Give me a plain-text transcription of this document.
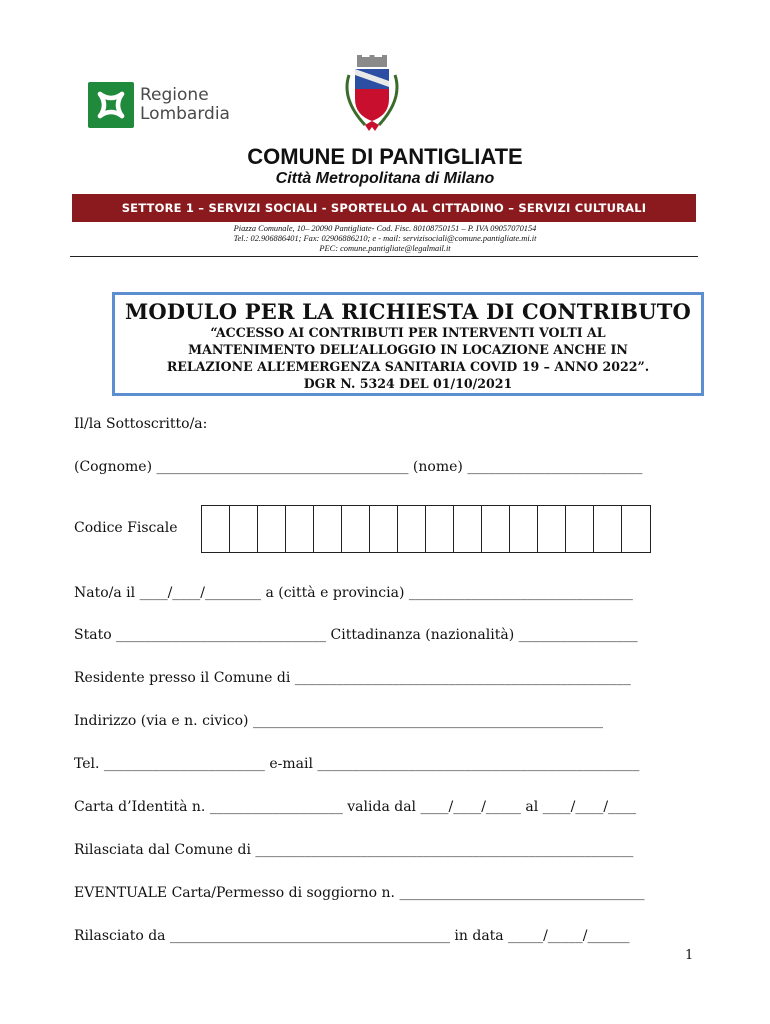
Regione
Lombardia
COMUNE DI PANTIGLIATE
Città Metropolitana di Milano
SETTORE 1 – SERVIZI SOCIALI - SPORTELLO AL CITTADINO – SERVIZI CULTURALI
Piazza Comunale, 10– 20090 Pantigliate- Cod. Fisc. 80108750151 – P. IVA 09057070154
Tel.: 02.906886401; Fax: 02906886210; e - mail: servizisociali@comune.pantigliate.mi.it
PEC: comune.pantigliate@legalmail.it
MODULO PER LA RICHIESTA DI CONTRIBUTO
“ACCESSO AI CONTRIBUTI PER INTERVENTI VOLTI AL
MANTENIMENTO DELL’ALLOGGIO IN LOCAZIONE ANCHE IN
RELAZIONE ALL’EMERGENZA SANITARIA COVID 19 – ANNO 2022”.
DGR N. 5324 DEL 01/10/2021
Il/la Sottoscritto/a:
(Cognome) ____________________________________ (nome) _________________________
Codice Fiscale
Nato/a il ____/____/________ a (città e provincia) ________________________________
Stato ______________________________ Cittadinanza (nazionalità) _________________
Residente presso il Comune di ________________________________________________
Indirizzo (via e n. civico) __________________________________________________
Tel. _______________________ e-mail ______________________________________________
Carta d’Identità n. ___________________ valida dal ____/____/_____ al ____/____/____
Rilasciata dal Comune di ______________________________________________________
EVENTUALE Carta/Permesso di soggiorno n. ___________________________________
Rilasciato da ________________________________________ in data _____/_____/______
1
